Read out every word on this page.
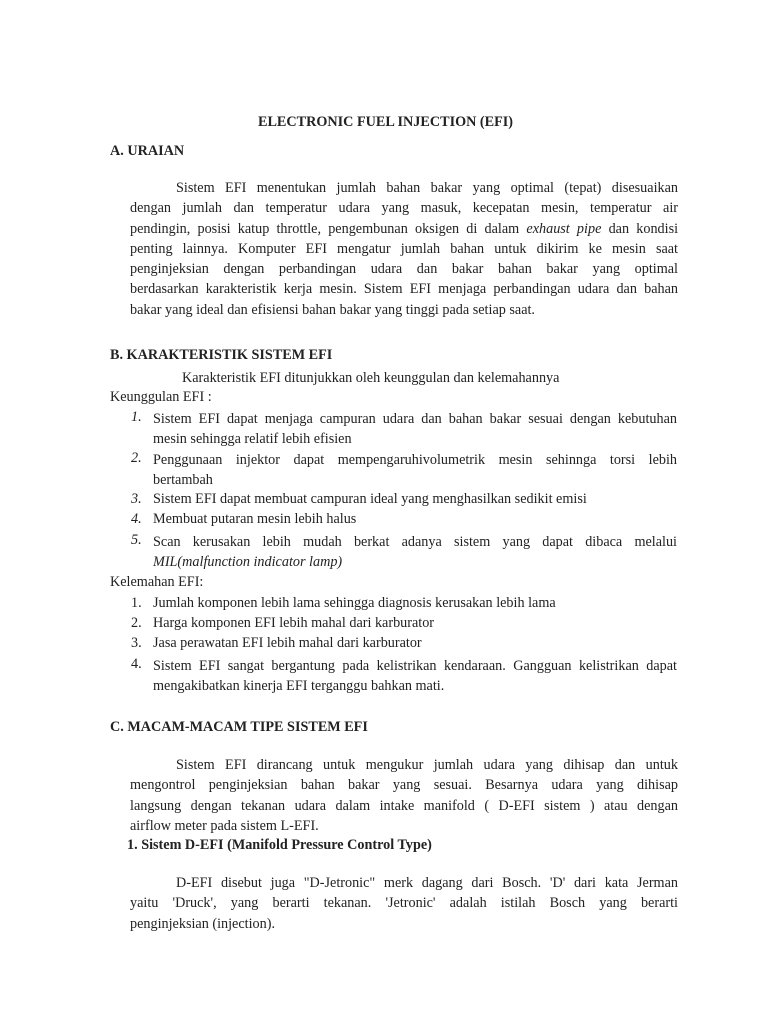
ELECTRONIC FUEL INJECTION (EFI)
A. URAIAN
Sistem EFI menentukan jumlah bahan bakar yang optimal (tepat) disesuaikan
dengan jumlah dan temperatur udara yang masuk, kecepatan mesin, temperatur air
pendingin, posisi katup throttle, pengembunan oksigen di dalam exhaust pipe dan kondisi
penting lainnya. Komputer EFI mengatur jumlah bahan untuk dikirim ke mesin saat
penginjeksian dengan perbandingan udara dan bakar bahan bakar yang optimal
berdasarkan karakteristik kerja mesin. Sistem EFI menjaga perbandingan udara dan bahan
bakar yang ideal dan efisiensi bahan bakar yang tinggi pada setiap saat.
B. KARAKTERISTIK SISTEM EFI
Karakteristik EFI ditunjukkan oleh keunggulan dan kelemahannya
Keunggulan EFI :
1. Sistem EFI dapat menjaga campuran udara dan bahan bakar sesuai dengan kebutuhan
mesin sehingga relatif lebih efisien
2. Penggunaan injektor dapat mempengaruhivolumetrik mesin sehinnga torsi lebih
bertambah
3. Sistem EFI dapat membuat campuran ideal yang menghasilkan sedikit emisi
4. Membuat putaran mesin lebih halus
5. Scan kerusakan lebih mudah berkat adanya sistem yang dapat dibaca melalui
MIL(malfunction indicator lamp)
Kelemahan EFI:
1. Jumlah komponen lebih lama sehingga diagnosis kerusakan lebih lama
2. Harga komponen EFI lebih mahal dari karburator
3. Jasa perawatan EFI lebih mahal dari karburator
4. Sistem EFI sangat bergantung pada kelistrikan kendaraan. Gangguan kelistrikan dapat
mengakibatkan kinerja EFI terganggu bahkan mati.
C. MACAM-MACAM TIPE SISTEM EFI
Sistem EFI dirancang untuk mengukur jumlah udara yang dihisap dan untuk
mengontrol penginjeksian bahan bakar yang sesuai. Besarnya udara yang dihisap
langsung dengan tekanan udara dalam intake manifold ( D-EFI sistem ) atau dengan
airflow meter pada sistem L-EFI.
1. Sistem D-EFI (Manifold Pressure Control Type)
D-EFI disebut juga "D-Jetronic" merk dagang dari Bosch. 'D' dari kata Jerman
yaitu 'Druck', yang berarti tekanan. 'Jetronic' adalah istilah Bosch yang berarti
penginjeksian (injection).
